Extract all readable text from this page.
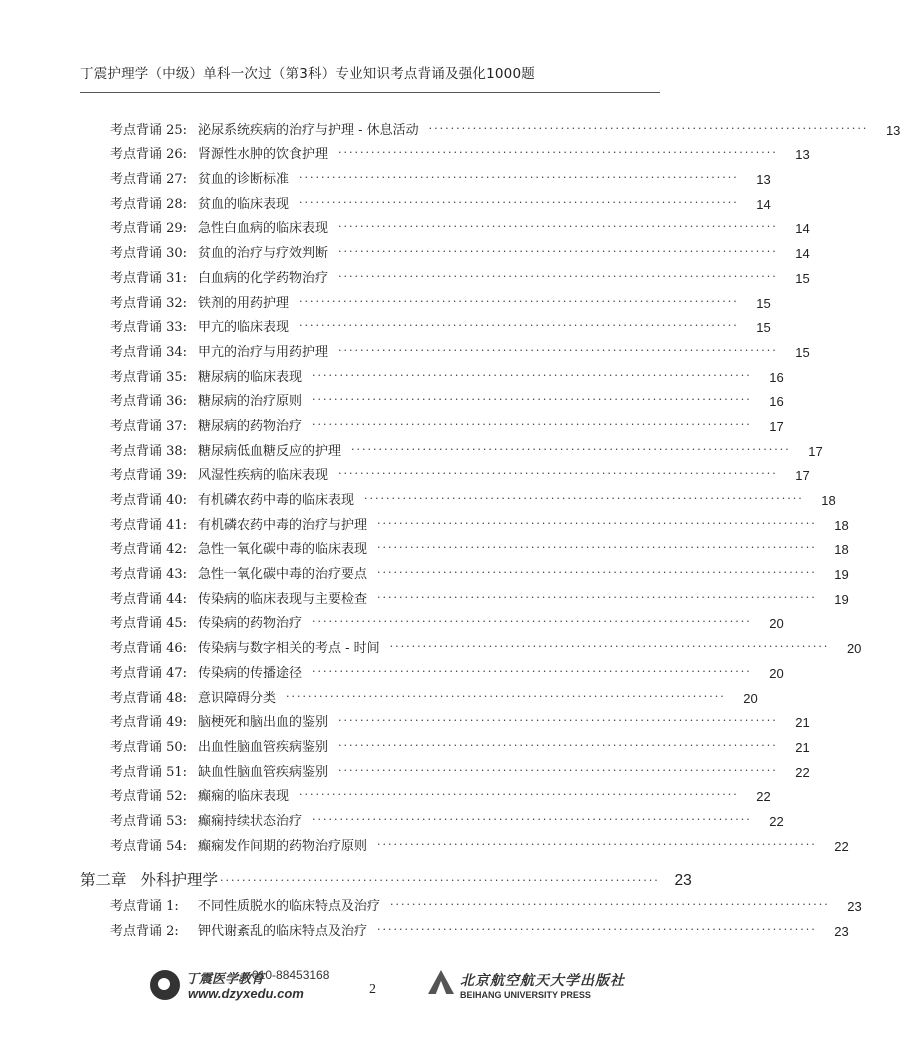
丁震护理学（中级）单科一次过（第3科）专业知识考点背诵及强化1000题
考点背诵 25: 泌尿系统疾病的治疗与护理 - 休息活动 ················································································	13
考点背诵 26: 肾源性水肿的饮食护理 ················································································	13
考点背诵 27: 贫血的诊断标准 ················································································	13
考点背诵 28: 贫血的临床表现 ················································································	14
考点背诵 29: 急性白血病的临床表现 ················································································	14
考点背诵 30: 贫血的治疗与疗效判断 ················································································	14
考点背诵 31: 白血病的化学药物治疗 ················································································	15
考点背诵 32: 铁剂的用药护理 ················································································	15
考点背诵 33: 甲亢的临床表现 ················································································	15
考点背诵 34: 甲亢的治疗与用药护理 ················································································	15
考点背诵 35: 糖尿病的临床表现 ················································································	16
考点背诵 36: 糖尿病的治疗原则 ················································································	16
考点背诵 37: 糖尿病的药物治疗 ················································································	17
考点背诵 38: 糖尿病低血糖反应的护理 ················································································	17
考点背诵 39: 风湿性疾病的临床表现 ················································································	17
考点背诵 40: 有机磷农药中毒的临床表现 ················································································	18
考点背诵 41: 有机磷农药中毒的治疗与护理 ················································································	18
考点背诵 42: 急性一氧化碳中毒的临床表现 ················································································	18
考点背诵 43: 急性一氧化碳中毒的治疗要点 ················································································	19
考点背诵 44: 传染病的临床表现与主要检查 ················································································	19
考点背诵 45: 传染病的药物治疗 ················································································	20
考点背诵 46: 传染病与数字相关的考点 - 时间 ················································································	20
考点背诵 47: 传染病的传播途径 ················································································	20
考点背诵 48: 意识障碍分类 ················································································	20
考点背诵 49: 脑梗死和脑出血的鉴别 ················································································	21
考点背诵 50: 出血性脑血管疾病鉴别 ················································································	21
考点背诵 51: 缺血性脑血管疾病鉴别 ················································································	22
考点背诵 52: 癫痫的临床表现 ················································································	22
考点背诵 53: 癫痫持续状态治疗 ················································································	22
考点背诵 54: 癫痫发作间期的药物治疗原则 ················································································	22
第二章 外科护理学 ················································································ 23
考点背诵 1:	不同性质脱水的临床特点及治疗 ················································································	23
考点背诵 2:	钾代谢紊乱的临床特点及治疗 ················································································	23
丁震医学教育
010-88453168
www.dzyxedu.com	2
北京航空航天大学出版社
BEIHANG UNIVERSITY PRESS
